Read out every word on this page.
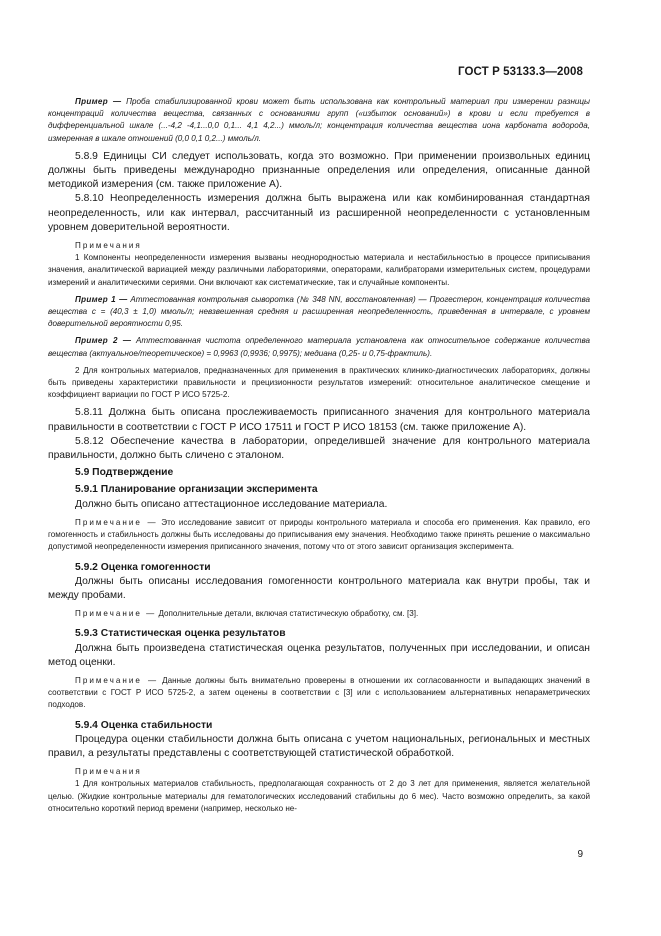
ГОСТ Р 53133.3—2008

Пример — Проба стабилизированной крови может быть использована как контрольный материал при измерении разницы концентраций количества вещества, связанных с основаниями групп («избыток оснований») в крови и если требуется в дифференциальной шкале (...-4,2 -4,1...0,0 0,1... 4,1 4,2...) ммоль/л; концентрация количества вещества иона карбоната водорода, измеренная в шкале отношений (0,0 0,1 0,2...) ммоль/л.

5.8.9 Единицы СИ следует использовать, когда это возможно. При применении произвольных единиц должны быть приведены международно признанные определения или определения, описанные данной методикой измерения (см. также приложение А).

5.8.10 Неопределенность измерения должна быть выражена или как комбинированная стандартная неопределенность, или как интервал, рассчитанный из расширенной неопределенности с установленным уровнем доверительной вероятности.

Примечания

1 Компоненты неопределенности измерения вызваны неоднородностью материала и нестабильностью в процессе приписывания значения, аналитической вариацией между различными лабораториями, операторами, калибраторами измерительных систем, процедурами измерений и аналитическими сериями. Они включают как систематические, так и случайные компоненты.

Пример 1 — Аттестованная контрольная сыворотка (№ 348 NN, восстановленная) — Прогестерон, концентрация количества вещества c = (40,3 ± 1,0) ммоль/л; невзвешенная средняя и расширенная неопределенность, приведенная в интервале, с уровнем доверительной вероятности 0,95.

Пример 2 — Аттестованная чистота определенного материала установлена как относительное содержание количества вещества (актуальное/теоретическое) = 0,9963 (0,9936; 0,9975); медиана (0,25- и 0,75-фрактиль).

2 Для контрольных материалов, предназначенных для применения в практических клинико-диагностических лабораториях, должны быть приведены характеристики правильности и прецизионности результатов измерений: относительное аналитическое смещение и коэффициент вариации по ГОСТ Р ИСО 5725-2.

5.8.11 Должна быть описана прослеживаемость приписанного значения для контрольного материала правильности в соответствии с ГОСТ Р ИСО 17511 и ГОСТ Р ИСО 18153 (см. также приложение А).

5.8.12 Обеспечение качества в лаборатории, определившей значение для контрольного материала правильности, должно быть сличено с эталоном.

5.9 Подтверждение

5.9.1 Планирование организации эксперимента

Должно быть описано аттестационное исследование материала.

Примечание — Это исследование зависит от природы контрольного материала и способа его применения. Как правило, его гомогенность и стабильность должны быть исследованы до приписывания ему значения. Необходимо также принять решение о максимально допустимой неопределенности измерения приписанного значения, потому что от этого зависит организация эксперимента.

5.9.2 Оценка гомогенности

Должны быть описаны исследования гомогенности контрольного материала как внутри пробы, так и между пробами.

Примечание — Дополнительные детали, включая статистическую обработку, см. [3].

5.9.3 Статистическая оценка результатов

Должна быть произведена статистическая оценка результатов, полученных при исследовании, и описан метод оценки.

Примечание — Данные должны быть внимательно проверены в отношении их согласованности и выпадающих значений в соответствии с ГОСТ Р ИСО 5725-2, а затем оценены в соответствии с [3] или с использованием альтернативных непараметрических подходов.

5.9.4 Оценка стабильности

Процедура оценки стабильности должна быть описана с учетом национальных, региональных и местных правил, а результаты представлены с соответствующей статистической обработкой.

Примечания

1 Для контрольных материалов стабильность, предполагающая сохранность от 2 до 3 лет для применения, является желательной целью. (Жидкие контрольные материалы для гематологических исследований стабильны до 6 мес). Часто возможно определить, за какой относительно короткий период времени (например, несколько не-

9
